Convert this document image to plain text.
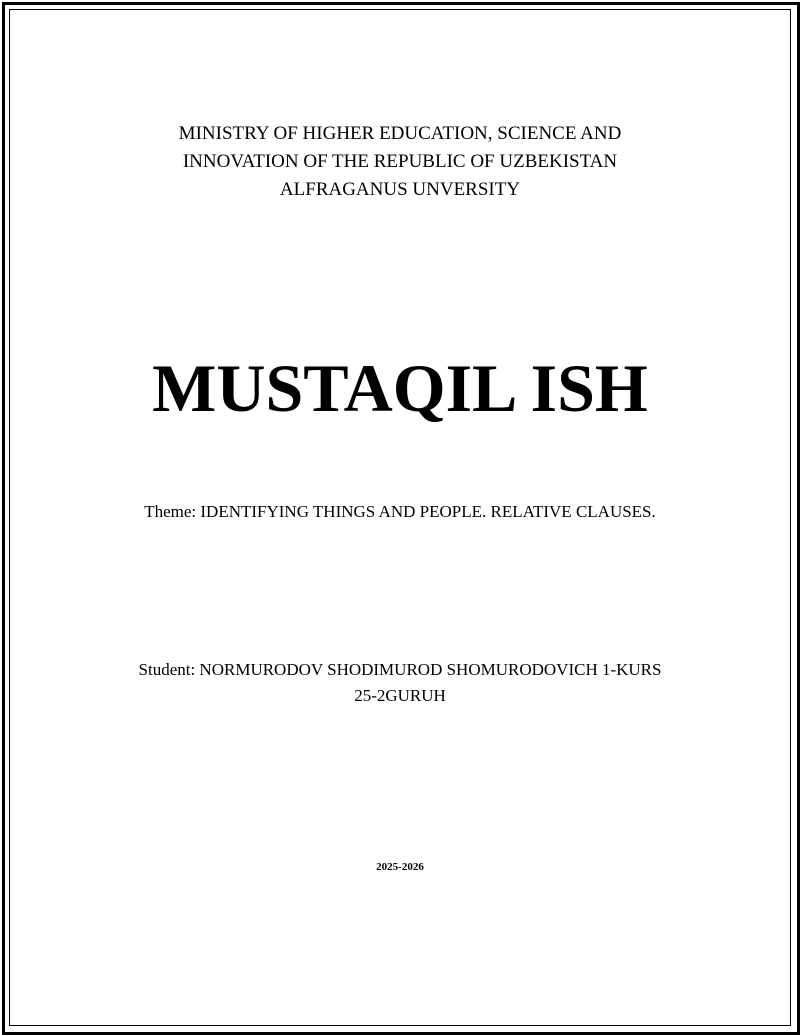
MINISTRY OF HIGHER EDUCATION, SCIENCE AND
INNOVATION OF THE REPUBLIC OF UZBEKISTAN
ALFRAGANUS UNVERSITY
MUSTAQIL ISH
Theme: IDENTIFYING THINGS AND PEOPLE. RELATIVE CLAUSES.
Student: NORMURODOV SHODIMUROD SHOMURODOVICH 1-KURS
25-2GURUH
2025-2026
